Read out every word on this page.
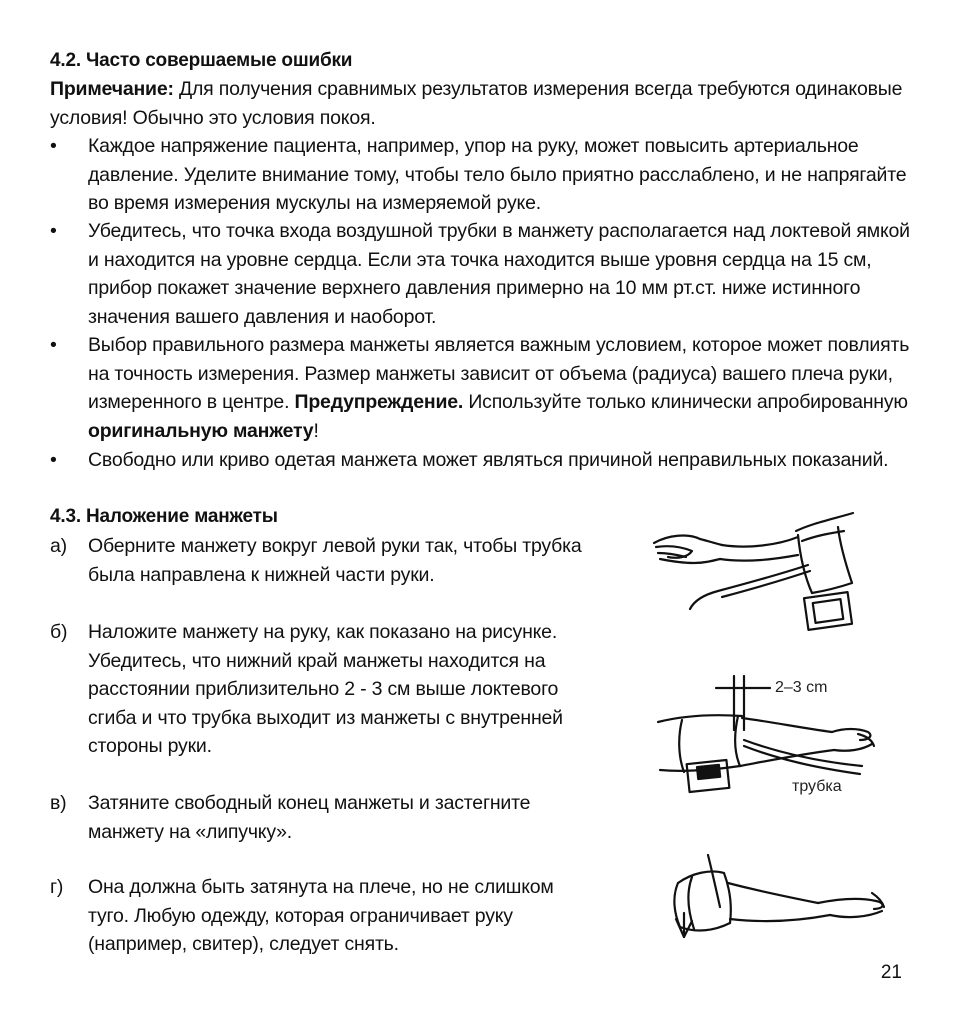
4.2. Часто совершаемые ошибки
Примечание: Для получения сравнимых результатов измерения всегда требуются одинаковые условия! Обычно это условия покоя.
•	Каждое напряжение пациента, например, упор на руку, может повысить артериальное давление. Уделите внимание тому, чтобы тело было приятно расслаблено, и не напрягайте во время измерения мускулы на измеряемой руке.
•	Убедитесь, что точка входа воздушной трубки в манжету располагается над локтевой ямкой и находится на уровне сердца. Если эта точка находится выше уровня сердца на 15 см, прибор покажет значение верхнего давления примерно на 10 мм рт.ст. ниже истинного значения вашего давления и наоборот.
•	Выбор правильного размера манжеты является важным условием, которое может повлиять на точность измерения. Размер манжеты зависит от объема (радиуса) вашего плеча руки, измеренного в центре. Предупреждение. Используйте только клинически апробированную оригинальную манжету!
•	Свободно или криво одетая манжета может являться причиной неправильных показаний.
4.3. Наложение манжеты
а)	Оберните манжету вокруг левой руки так, чтобы трубка была направлена к нижней части руки.
б)	Наложите манжету на руку, как показано на рисунке. Убедитесь, что нижний край манжеты находится на расстоянии приблизительно 2 - 3 см выше локтевого сгиба и что трубка выходит из манжеты с внутренней стороны руки.
в)	Затяните свободный конец манжеты и застегните манжету на «липучку».
г)	Она должна быть затянута на плече, но не слишком туго. Любую одежду, которая ограничивает руку (например, свитер), следует снять.
2–3 cm
трубка
21
